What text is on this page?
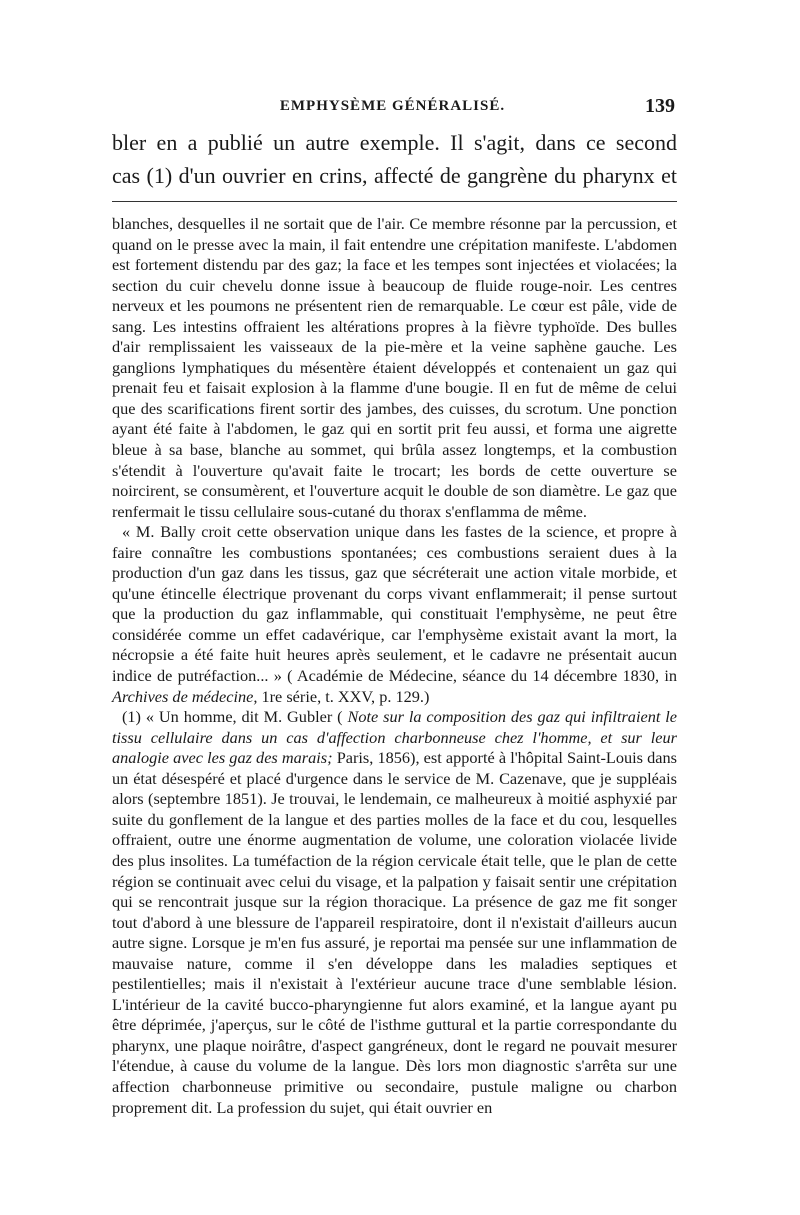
EMPHYSÈME GÉNÉRALISÉ.	139
bler en a publié un autre exemple. Il s'agit, dans ce second
cas (1) d'un ouvrier en crins, affecté de gangrène du pharynx et

blanches, desquelles il ne sortait que de l'air. Ce membre résonne par la percussion, et quand on le presse avec la main, il fait entendre une crépitation manifeste. L'abdomen est fortement distendu par des gaz; la face et les tempes sont injectées et violacées; la section du cuir chevelu donne issue à beaucoup de fluide rouge-noir. Les centres nerveux et les poumons ne présentent rien de remarquable. Le cœur est pâle, vide de sang. Les intestins offraient les altérations propres à la fièvre typhoïde. Des bulles d'air remplissaient les vaisseaux de la pie-mère et la veine saphène gauche. Les ganglions lymphatiques du mésentère étaient développés et contenaient un gaz qui prenait feu et faisait explosion à la flamme d'une bougie. Il en fut de même de celui que des scarifications firent sortir des jambes, des cuisses, du scrotum. Une ponction ayant été faite à l'abdomen, le gaz qui en sortit prit feu aussi, et forma une aigrette bleue à sa base, blanche au sommet, qui brûla assez longtemps, et la combustion s'étendit à l'ouverture qu'avait faite le trocart; les bords de cette ouverture se noircirent, se consumèrent, et l'ouverture acquit le double de son diamètre. Le gaz que renfermait le tissu cellulaire sous-cutané du thorax s'enflamma de même.

« M. Bally croit cette observation unique dans les fastes de la science, et propre à faire connaître les combustions spontanées; ces combustions seraient dues à la production d'un gaz dans les tissus, gaz que sécréterait une action vitale morbide, et qu'une étincelle électrique provenant du corps vivant enflammerait; il pense surtout que la production du gaz inflammable, qui constituait l'emphysème, ne peut être considérée comme un effet cadavérique, car l'emphysème existait avant la mort, la nécropsie a été faite huit heures après seulement, et le cadavre ne présentait aucun indice de putréfaction... » ( Académie de Médecine, séance du 14 décembre 1830, in Archives de médecine, 1re série, t. XXV, p. 129.)

(1) « Un homme, dit M. Gubler ( Note sur la composition des gaz qui infiltraient le tissu cellulaire dans un cas d'affection charbonneuse chez l'homme, et sur leur analogie avec les gaz des marais; Paris, 1856), est apporté à l'hôpital Saint-Louis dans un état désespéré et placé d'urgence dans le service de M. Cazenave, que je suppléais alors (septembre 1851). Je trouvai, le lendemain, ce malheureux à moitié asphyxié par suite du gonflement de la langue et des parties molles de la face et du cou, lesquelles offraient, outre une énorme augmentation de volume, une coloration violacée livide des plus insolites. La tuméfaction de la région cervicale était telle, que le plan de cette région se continuait avec celui du visage, et la palpation y faisait sentir une crépitation qui se rencontrait jusque sur la région thoracique. La présence de gaz me fit songer tout d'abord à une blessure de l'appareil respiratoire, dont il n'existait d'ailleurs aucun autre signe. Lorsque je m'en fus assuré, je reportai ma pensée sur une inflammation de mauvaise nature, comme il s'en développe dans les maladies septiques et pestilentielles; mais il n'existait à l'extérieur aucune trace d'une semblable lésion. L'intérieur de la cavité bucco-pharyngienne fut alors examiné, et la langue ayant pu être déprimée, j'aperçus, sur le côté de l'isthme guttural et la partie correspondante du pharynx, une plaque noirâtre, d'aspect gangréneux, dont le regard ne pouvait mesurer l'étendue, à cause du volume de la langue. Dès lors mon diagnostic s'arrêta sur une affection charbonneuse primitive ou secondaire, pustule maligne ou charbon proprement dit. La profession du sujet, qui était ouvrier en
